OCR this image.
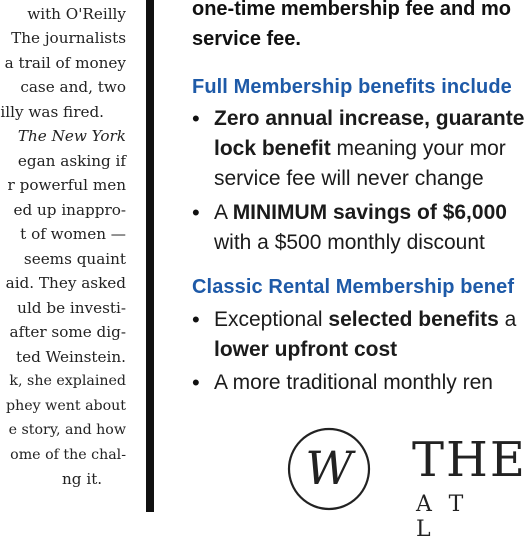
with O'Reilly
The journalists
a trail of money
case and, two
illy was fired.
The New York
egan asking if
r powerful men
ed up inappro-
t of women —
seems quaint
aid. They asked
uld be investi-
after some dig-
ted Weinstein.
k, she explained
phey went about
e story, and how
ome of the chal-
ng it.
one-time membership fee and mo
service fee.
Full Membership benefits include
• Zero annual increase, guarante
lock benefit meaning your mor
service fee will never change
• A MINIMUM savings of $6,000
with a $500 monthly discount
Classic Rental Membership benef
• Exceptional selected benefits a
lower upfront cost
• A more traditional monthly ren
W THE
AT L
